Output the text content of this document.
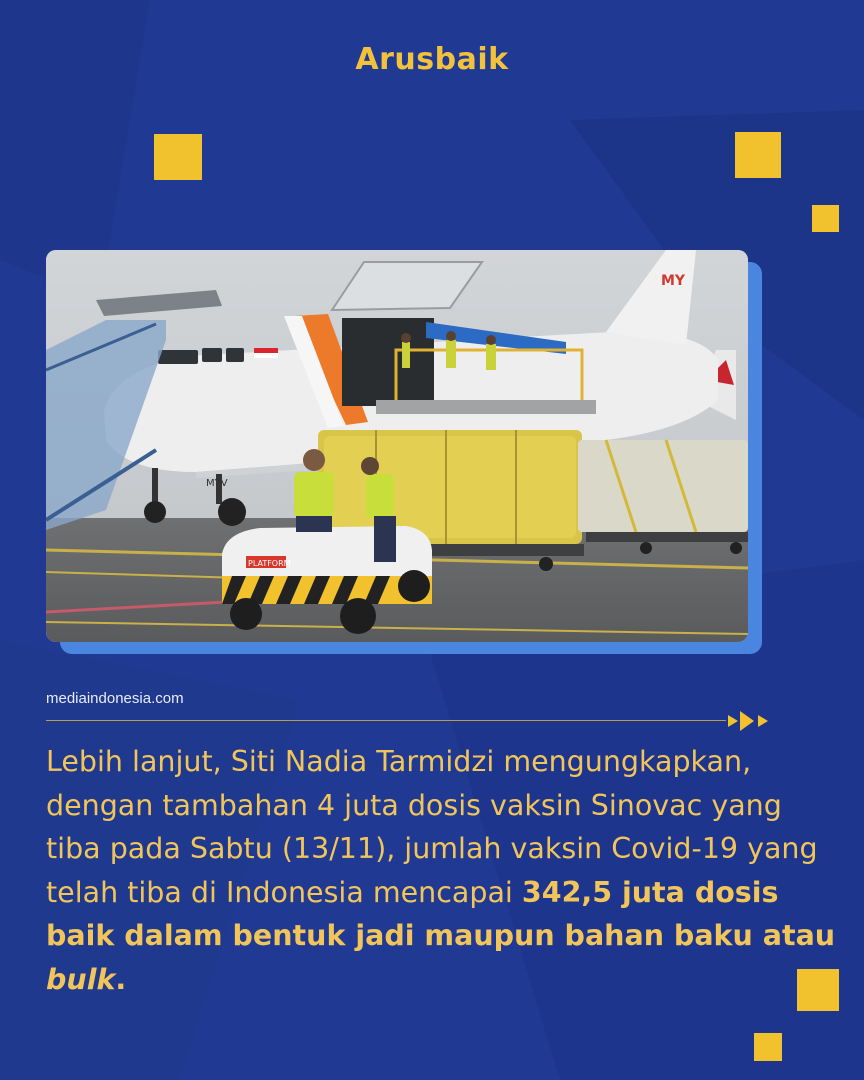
Arusbaik
MY
MYV
PLATFORM
mediaindonesia.com
Lebih lanjut, Siti Nadia Tarmidzi mengungkapkan, dengan tambahan 4 juta dosis vaksin Sinovac yang tiba pada Sabtu (13/11), jumlah vaksin Covid-19 yang telah tiba di Indonesia mencapai 342,5 juta dosis baik dalam bentuk jadi maupun bahan baku atau bulk.
